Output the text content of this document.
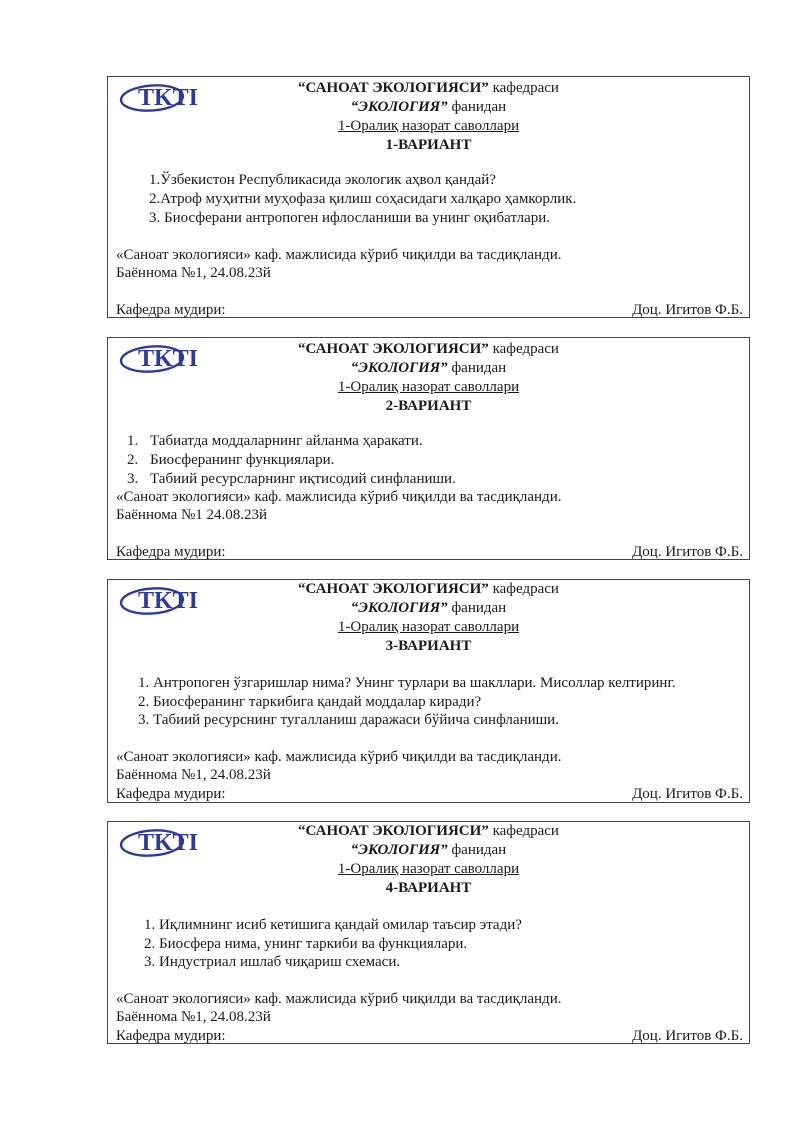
TKTI	“САНОАТ ЭКОЛОГИЯСИ” кафедраси
“ЭКОЛОГИЯ” фанидан
1-Оралиқ назорат саволлари
1-ВАРИАНТ
1.Ўзбекистон Республикасида экологик аҳвол қандай?
2.Атроф муҳитни муҳофаза қилиш соҳасидаги халқаро ҳамкорлик.
3. Биосферани антропоген ифлосланиши ва унинг оқибатлари.
«Саноат экологияси» каф. мажлисида кўриб чиқилди ва тасдиқланди.
Баённома №1, 24.08.23й
Кафедра мудири:	Доц. Игитов Ф.Б.
TKTI	“САНОАТ ЭКОЛОГИЯСИ” кафедраси
“ЭКОЛОГИЯ” фанидан
1-Оралиқ назорат саволлари
2-ВАРИАНТ
1. Табиатда моддаларнинг айланма ҳаракати.
2. Биосферанинг функциялари.
3. Табиий ресурсларнинг иқтисодий синфланиши.
«Саноат экологияси» каф. мажлисида кўриб чиқилди ва тасдиқланди.
Баённома №1 24.08.23й
Кафедра мудири:	Доц. Игитов Ф.Б.
TKTI	“САНОАТ ЭКОЛОГИЯСИ” кафедраси
“ЭКОЛОГИЯ” фанидан
1-Оралиқ назорат саволлари
3-ВАРИАНТ
1. Антропоген ўзгаришлар нима? Унинг турлари ва шакллари. Мисоллар келтиринг.
2. Биосферанинг таркибига қандай моддалар киради?
3. Табиий ресурснинг тугалланиш даражаси бўйича синфланиши.
«Саноат экологияси» каф. мажлисида кўриб чиқилди ва тасдиқланди.
Баённома №1, 24.08.23й
Кафедра мудири:	Доц. Игитов Ф.Б.
TKTI	“САНОАТ ЭКОЛОГИЯСИ” кафедраси
“ЭКОЛОГИЯ” фанидан
1-Оралиқ назорат саволлари
4-ВАРИАНТ
1. Иқлимнинг исиб кетишига қандай омилар таъсир этади?
2. Биосфера нима, унинг таркиби ва функциялари.
3. Индустриал ишлаб чиқариш схемаси.
«Саноат экологияси» каф. мажлисида кўриб чиқилди ва тасдиқланди.
Баённома №1, 24.08.23й
Кафедра мудири:	Доц. Игитов Ф.Б.
